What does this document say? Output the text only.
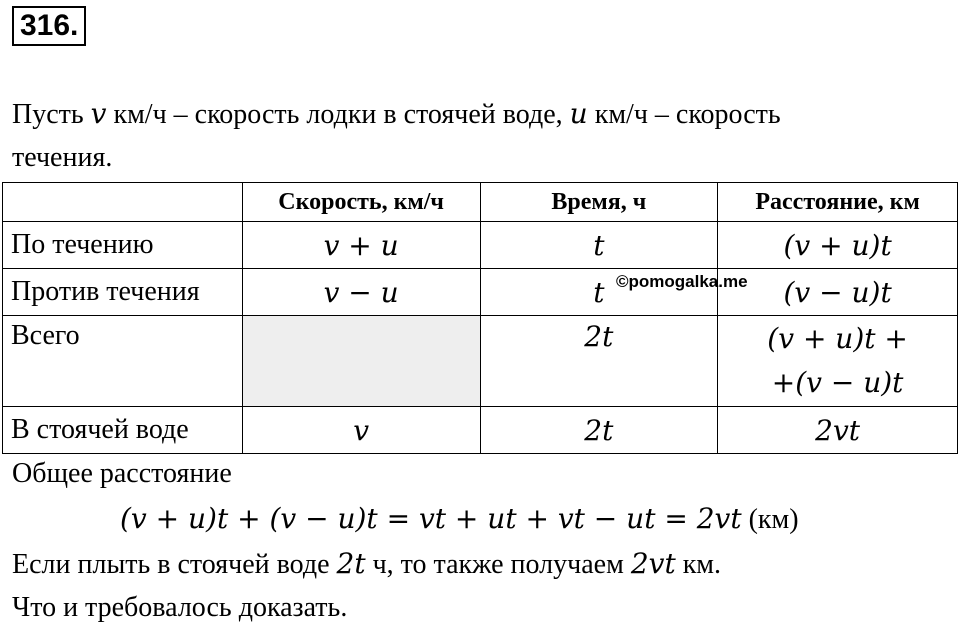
316.
Пусть v км/ч – скорость лодки в стоячей воде, u км/ч – скорость
течения.
	Скорость, км/ч	Время, ч	Расстояние, км
По течению	v + u	t	(v + u)t
Против течения	v − u	t	(v − u)t
Всего		2t	(v + u)t +
+(v − u)t

В стоячей воде	v	2t	2vt
©pomogalka.me
Общее расстояние
(v + u)t + (v − u)t = vt + ut + vt − ut = 2vt (км)
Если плыть в стоячей воде 2t ч, то также получаем 2vt км.
Что и требовалось доказать.
